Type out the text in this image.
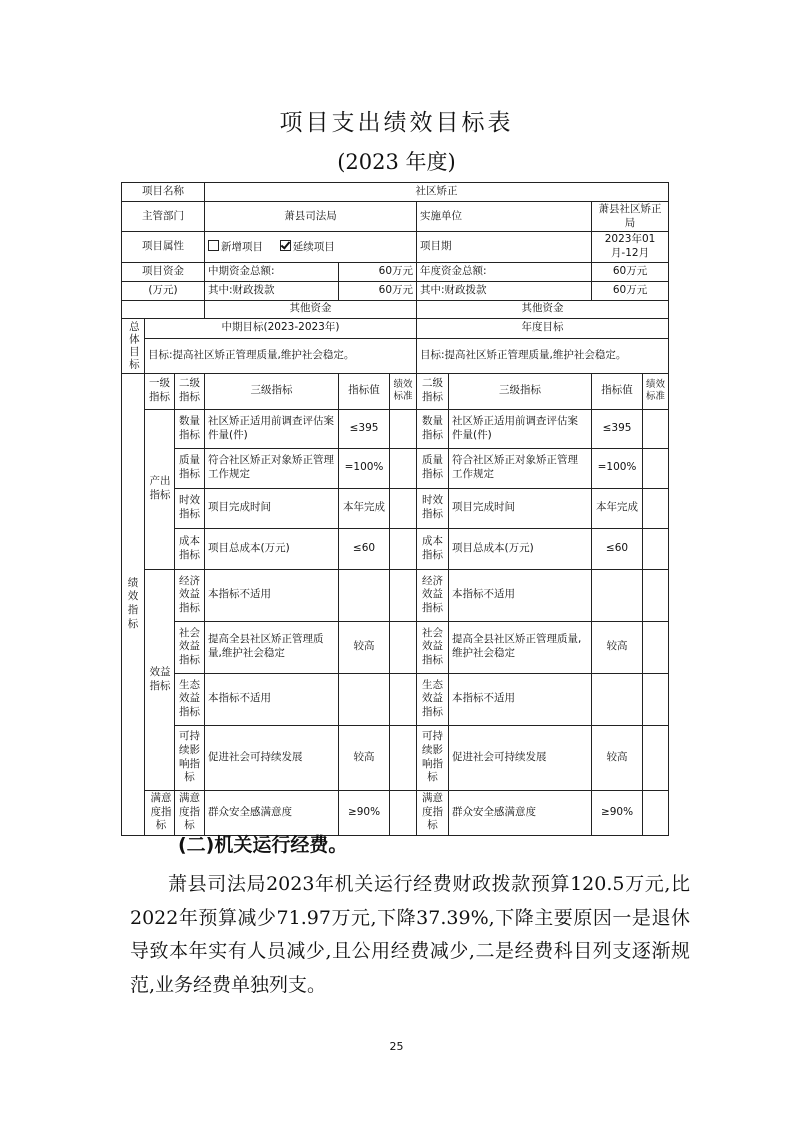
项目支出绩效目标表
(2023 年度)
项目名称			社区矫正						
主管部门			萧县司法局			实施单位		萧县社区矫正局	
项目属性			新增项目 延续项目			项目期		2023年01月-12月	
项目资金			中期资金总额:	60万元		年度资金总额:		60万元	
(万元)			其中:财政拨款	60万元		其中:财政拨款		60万元	
			其他资金			其他资金			
总体目标	中期目标(2023-2023年)					年度目标			
	目标:提高社区矫正管理质量,维护社会稳定。					目标:提高社区矫正管理质量,维护社会稳定。			
绩效指标	一级指标	二级指标	三级指标	指标值	绩效标准	二级指标	三级指标	指标值	绩效标准
	产出指标	数量指标	社区矫正适用前调查评估案件量(件)	≤395		数量指标	社区矫正适用前调查评估案件量(件)	≤395	
		质量指标	符合社区矫正对象矫正管理工作规定	=100%		质量指标	符合社区矫正对象矫正管理工作规定	=100%	
		时效指标	项目完成时间	本年完成		时效指标	项目完成时间	本年完成	
		成本指标	项目总成本(万元)	≤60		成本指标	项目总成本(万元)	≤60	
	效益指标	经济效益指标	本指标不适用			经济效益指标	本指标不适用		
		社会效益指标	提高全县社区矫正管理质量,维护社会稳定	较高		社会效益指标	提高全县社区矫正管理质量,维护社会稳定	较高	
		生态效益指标	本指标不适用			生态效益指标	本指标不适用		
		可持续影响指标	促进社会可持续发展	较高		可持续影响指标	促进社会可持续发展	较高	
	满意度指标	满意度指标	群众安全感满意度	≥90%		满意度指标	群众安全感满意度	≥90%	
(二)机关运行经费。
萧县司法局2023年机关运行经费财政拨款预算120.5万元,比2022年预算减少71.97万元,下降37.39%,下降主要原因一是退休导致本年实有人员减少,且公用经费减少,二是经费科目列支逐渐规范,业务经费单独列支。
25
